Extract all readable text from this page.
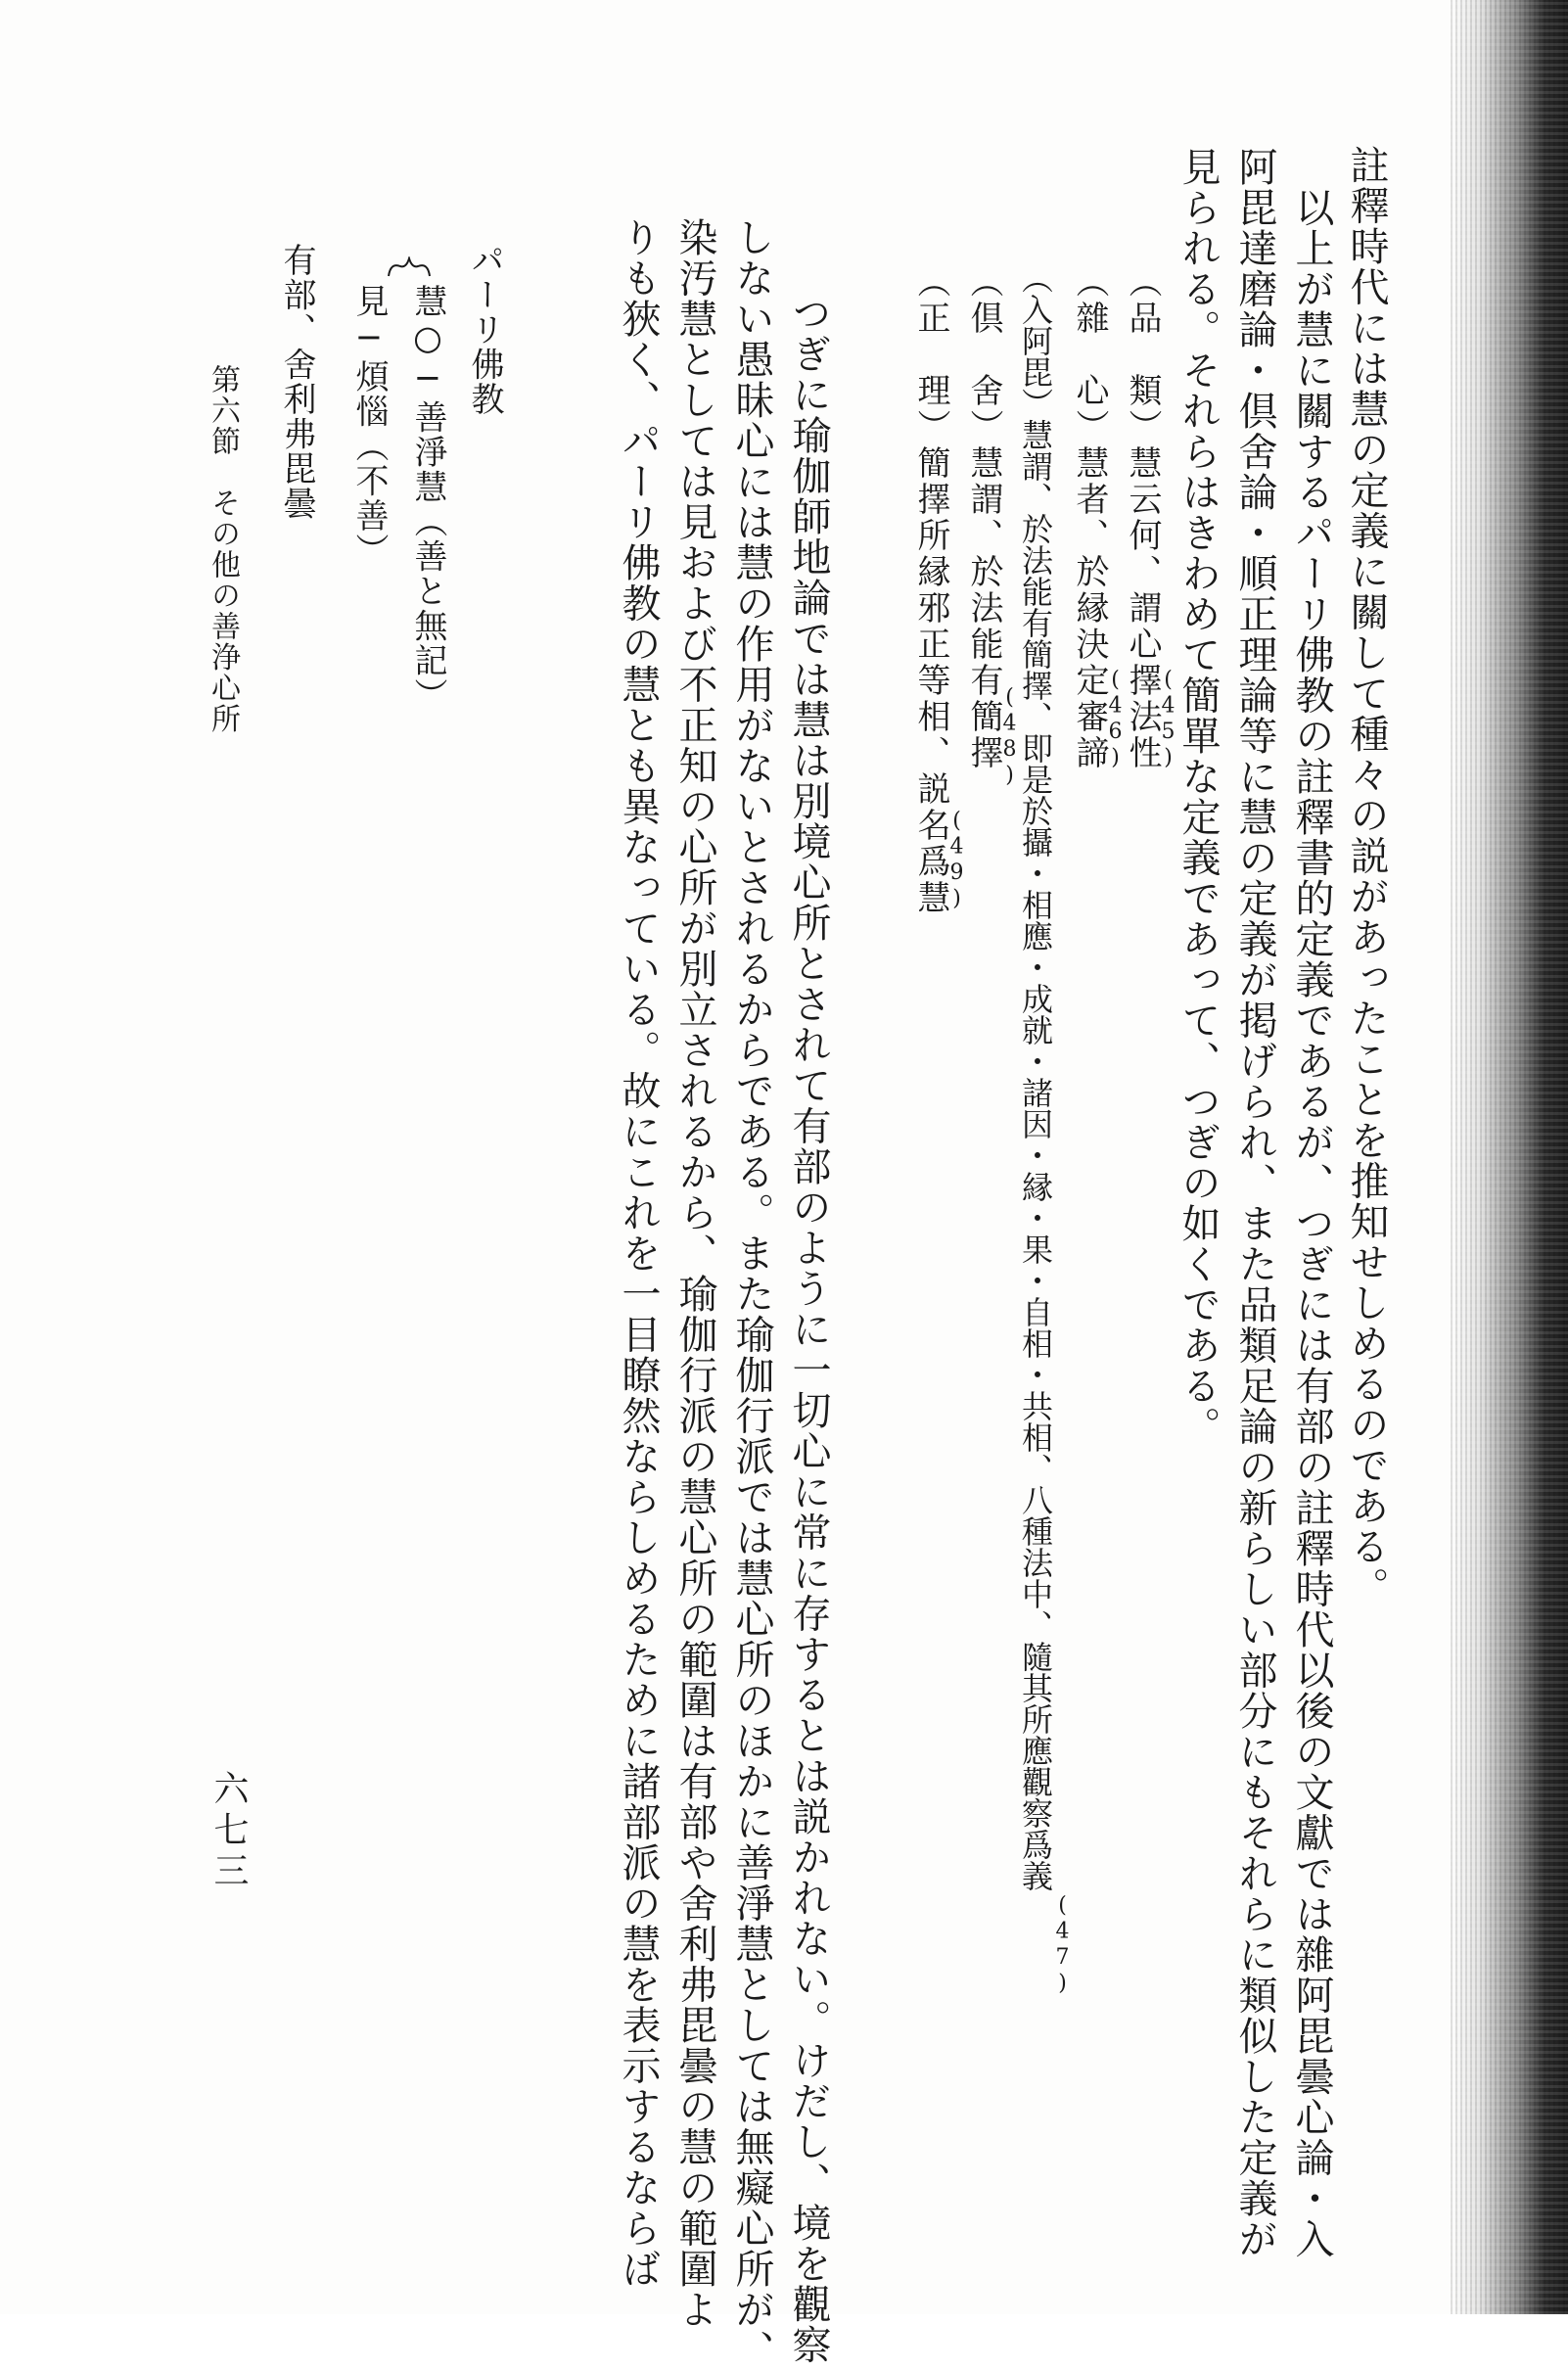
六七三
第六節　その他の善浄心所	註釋時代には慧の定義に關して種々の説があったことを推知せしめるのである。
　以上が慧に關するパーリ佛教の註釋書的定義であるが、つぎには有部の註釋時代以後の文獻では雜阿毘曇心論・入
阿毘達磨論・倶舍論・順正理論等に慧の定義が掲げられ、また品類足論の新らしい部分にもそれらに類似した定義が
見られる。それらはきわめて簡單な定義であって、つぎの如くである。
（品　類）慧云何、謂心擇法性
（雜　心）慧者、於縁決定審諦
（入阿毘）慧謂、於法能有簡擇、即是於攝・相應・成就・諸因・縁・果・自相・共相、八種法中、隨其所應觀察爲義
（倶　舍）慧謂、於法能有簡擇
（正　理）簡擇所縁邪正等相、説名爲慧	(45)
(46)
(47)
(48)
(49)
　つぎに瑜伽師地論では慧は別境心所とされて有部のように一切心に常に存するとは説かれない。けだし、境を觀察
しない愚昧心には慧の作用がないとされるからである。また瑜伽行派では慧心所のほかに善淨慧としては無癡心所が、
染汚慧としては見および不正知の心所が別立されるから、瑜伽行派の慧心所の範圍は有部や舍利弗毘曇の慧の範圍よ
りも狹く、パーリ佛教の慧とも異なっている。故にこれを一目瞭然ならしめるために諸部派の慧を表示するならば
パーリ佛教
慧○─善淨慧（善と無記）
見─煩惱（不善）
有部、舍利弗毘曇
